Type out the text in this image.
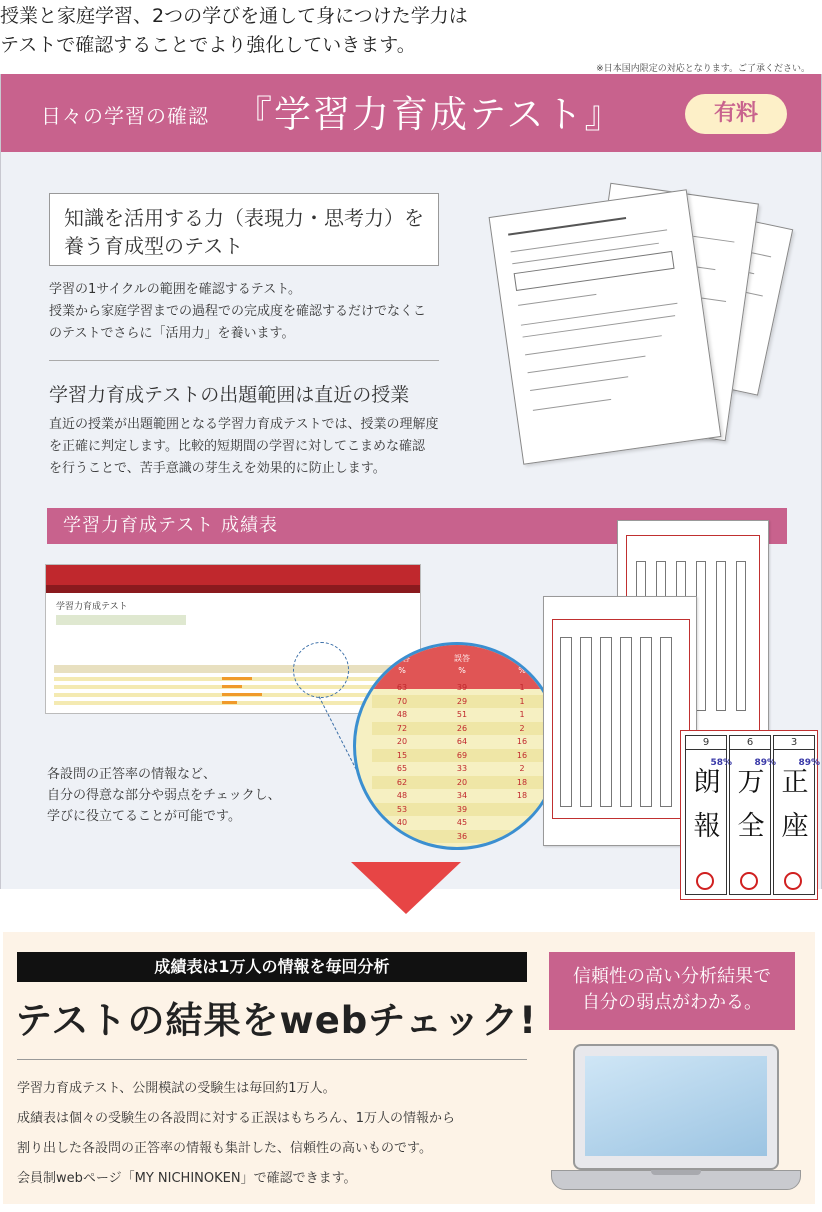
授業と家庭学習、2つの学びを通して身につけた学力は
テストで確認することでより強化していきます。
※日本国内限定の対応となります。ご了承ください。
日々の学習の確認 『学習力育成テスト』	有料
知識を活用する力（表現力・思考力）を
養う育成型のテスト
学習の1サイクルの範囲を確認するテスト。
授業から家庭学習までの過程での完成度を確認するだけでなくこ
のテストでさらに「活用力」を養います。
学習力育成テストの出題範囲は直近の授業
直近の授業が出題範囲となる学習力育成テストでは、授業の理解度
を正確に判定します。比較的短期間の学習に対してこまめな確認
を行うことで、苦手意識の芽生えを効果的に防止します。
学習力育成テスト 成績表
学習力育成テスト
正答
%	誤答
%	無答
%
63	39	1
70	29	1
48	51	1
72	26	2
20	64	16
15	69	16
65	33	2
62	20	18
48	34	18
53	39	
40	45	
63	36	
各設問の正答率の情報など、
自分の得意な部分や弱点をチェックし、
学びに役立てることが可能です。
9
58%
朗
報
6
89%
万
全
3
89%
正
座
成績表は1万人の情報を毎回分析
テストの結果をwebチェック!
信頼性の高い分析結果で
自分の弱点がわかる。
学習力育成テスト、公開模試の受験生は毎回約1万人。
成績表は個々の受験生の各設問に対する正誤はもちろん、1万人の情報から
割り出した各設問の正答率の情報も集計した、信頼性の高いものです。
会員制webページ「MY NICHINOKEN」で確認できます。
